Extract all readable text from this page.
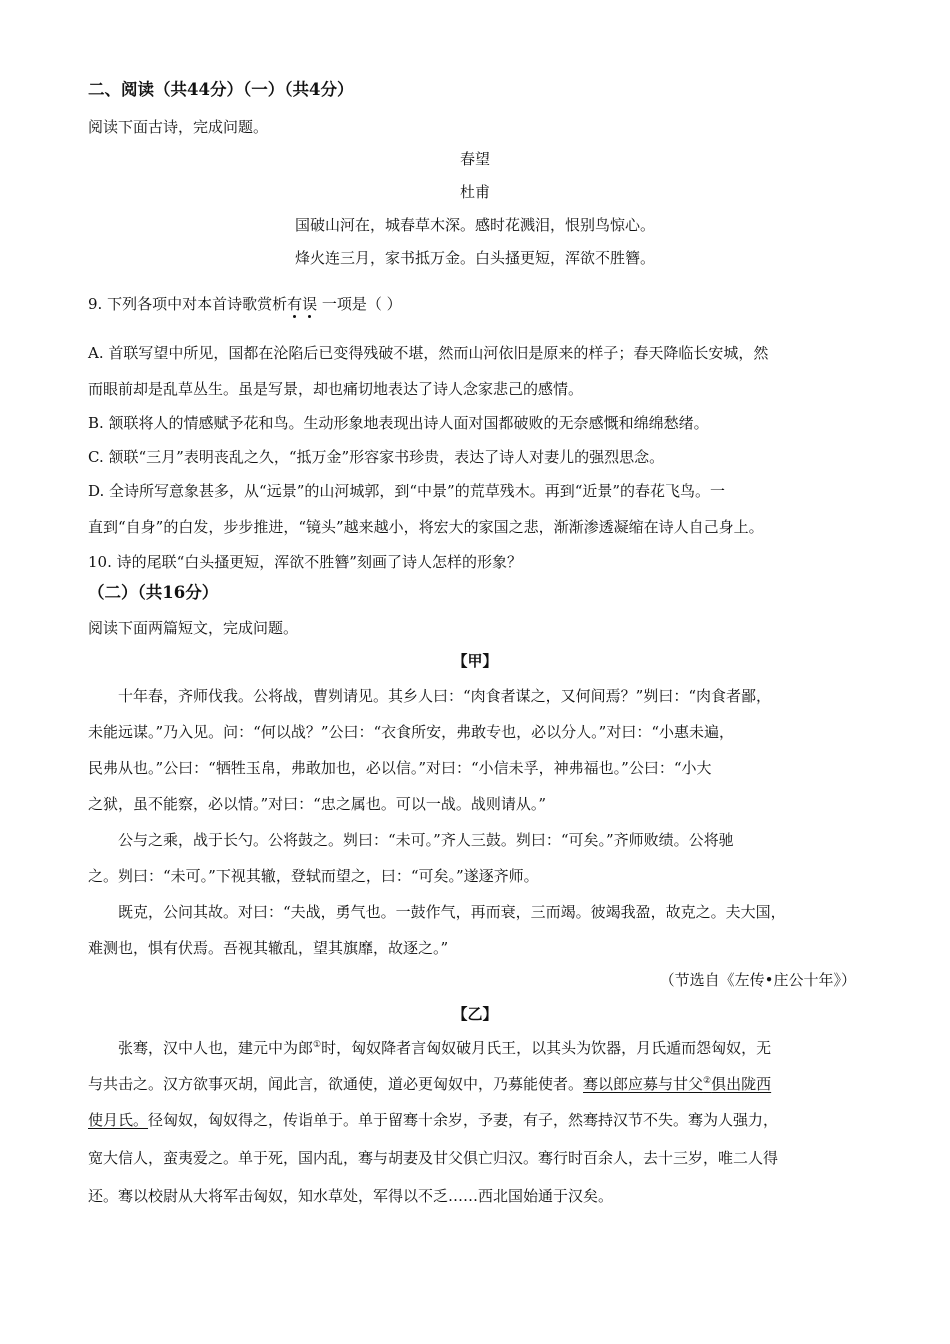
二、阅读（共44分）（一）（共4分）
阅读下面古诗，完成问题。
春望
杜甫
国破山河在，城春草木深。感时花溅泪，恨别鸟惊心。
烽火连三月，家书抵万金。白头搔更短，浑欲不胜簪。
9. 下列各项中对本首诗歌赏析有误 一项是（ ）
A. 首联写望中所见，国都在沦陷后已变得残破不堪，然而山河依旧是原来的样子；春天降临长安城，然
而眼前却是乱草丛生。虽是写景，却也痛切地表达了诗人念家悲己的感情。
B. 颔联将人的情感赋予花和鸟。生动形象地表现出诗人面对国都破败的无奈感慨和绵绵愁绪。
C. 颔联“三月”表明丧乱之久，“抵万金”形容家书珍贵，表达了诗人对妻儿的强烈思念。
D. 全诗所写意象甚多，从“远景”的山河城郭，到“中景”的荒草残木。再到“近景”的春花飞鸟。一
直到“自身”的白发，步步推进，“镜头”越来越小，将宏大的家国之悲，渐渐渗透凝缩在诗人自己身上。
10. 诗的尾联“白头搔更短，浑欲不胜簪”刻画了诗人怎样的形象？
（二）（共16分）
阅读下面两篇短文，完成问题。
【甲】
十年春，齐师伐我。公将战，曹刿请见。其乡人曰：“肉食者谋之，又何间焉？”刿曰：“肉食者鄙，
未能远谋。”乃入见。问：“何以战？”公曰：“衣食所安，弗敢专也，必以分人。”对曰：“小惠未遍，
民弗从也。”公曰：“牺牲玉帛，弗敢加也，必以信。”对曰：“小信未孚，神弗福也。”公曰：“小大
之狱，虽不能察，必以情。”对曰：“忠之属也。可以一战。战则请从。”
公与之乘，战于长勺。公将鼓之。刿曰：“未可。”齐人三鼓。刿曰：“可矣。”齐师败绩。公将驰
之。刿曰：“未可。”下视其辙，登轼而望之，曰：“可矣。”遂逐齐师。
既克，公问其故。对曰：“夫战，勇气也。一鼓作气，再而衰，三而竭。彼竭我盈，故克之。夫大国，
难测也，惧有伏焉。吾视其辙乱，望其旗靡，故逐之。”
（节选自《左传•庄公十年》）
【乙】
张骞，汉中人也，建元中为郎①时，匈奴降者言匈奴破月氏王，以其头为饮器，月氏遁而怨匈奴，无
与共击之。汉方欲事灭胡，闻此言，欲通使，道必更匈奴中，乃募能使者。骞以郎应募与甘父②俱出陇西
使月氏。径匈奴，匈奴得之，传诣单于。单于留骞十余岁，予妻，有子，然骞持汉节不失。骞为人强力，
宽大信人，蛮夷爱之。单于死，国内乱，骞与胡妻及甘父俱亡归汉。骞行时百余人，去十三岁，唯二人得
还。骞以校尉从大将军击匈奴，知水草处，军得以不乏……西北国始通于汉矣。
